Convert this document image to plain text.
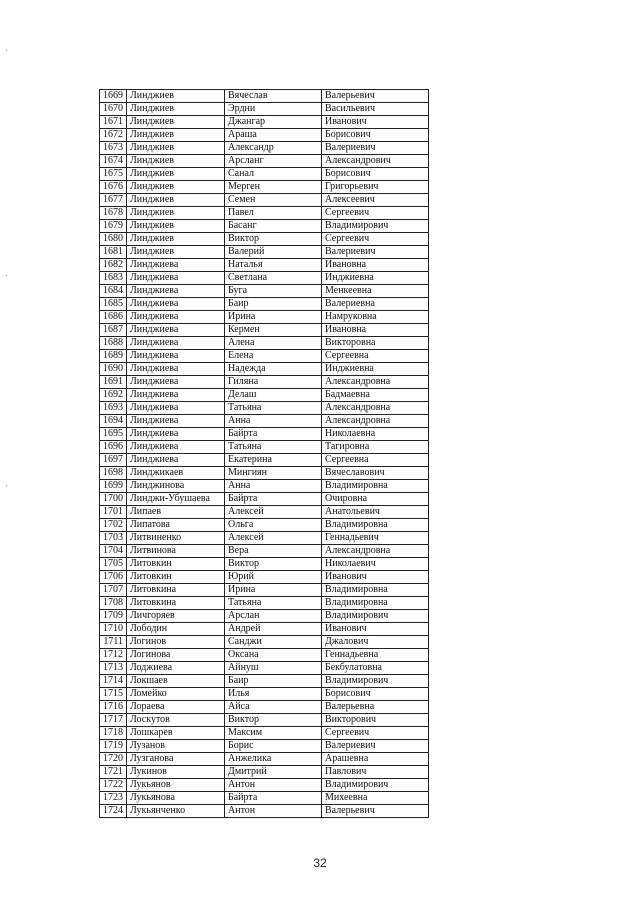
1669	Линджиев	Вячеслав	Валерьевич
1670	Линджиев	Эрдни	Васильевич
1671	Линджиев	Джангар	Иванович
1672	Линджиев	Араша	Борисович
1673	Линджиев	Александр	Валериевич
1674	Линджиев	Арсланг	Александрович
1675	Линджиев	Санал	Борисович
1676	Линджиев	Мерген	Григорьевич
1677	Линджиев	Семен	Алексеевич
1678	Линджиев	Павел	Сергеевич
1679	Линджиев	Басанг	Владимирович
1680	Линджиев	Виктор	Сергеевич
1681	Линджиев	Валерий	Валериевич
1682	Линджиева	Наталья	Ивановна
1683	Линджиева	Светлана	Инджиевна
1684	Линджиева	Буга	Менкеевна
1685	Линджиева	Баир	Валериевна
1686	Линджиева	Ирина	Намруковна
1687	Линджиева	Кермен	Ивановна
1688	Линджиева	Алена	Викторовна
1689	Линджиева	Елена	Сергеевна
1690	Линджиева	Надежда	Инджиевна
1691	Линджиева	Гиляна	Александровна
1692	Линджиева	Делаш	Бадмаевна
1693	Линджиева	Татьяна	Александровна
1694	Линджиева	Анна	Александровна
1695	Линджиева	Байрта	Николаевна
1696	Линджиева	Татьяна	Тагировна
1697	Линджиева	Екатерина	Сергеевна
1698	Линджикаев	Мингиян	Вячеславович
1699	Линджинова	Анна	Владимировна
1700	Линджи-Убушаева	Байрта	Очировна
1701	Липаев	Алексей	Анатольевич
1702	Липатова	Ольга	Владимировна
1703	Литвиненко	Алексей	Геннадьевич
1704	Литвинова	Вера	Александровна
1705	Литовкин	Виктор	Николаевич
1706	Литовкин	Юрий	Иванович
1707	Литовкина	Ирина	Владимировна
1708	Литовкина	Татьяна	Владимировна
1709	Личгоряев	Арслан	Владимирович
1710	Лободин	Андрей	Иванович
1711	Логинов	Санджи	Джалович
1712	Логинова	Оксана	Геннадьевна
1713	Лоджиева	Айнуш	Бекбулатовна
1714	Локшаев	Баир	Владимирович
1715	Ломейко	Илья	Борисович
1716	Лораева	Айса	Валерьевна
1717	Лоскутов	Виктор	Викторович
1718	Лошкарев	Максим	Сергеевич
1719	Лузанов	Борис	Валериевич
1720	Лузганова	Анжелика	Арашевна
1721	Лукинов	Дмитрий	Павлович
1722	Лукьянов	Антон	Владимирович
1723	Лукьянова	Байрта	Михеевна
1724	Лукьянченко	Антон	Валерьевич
32
